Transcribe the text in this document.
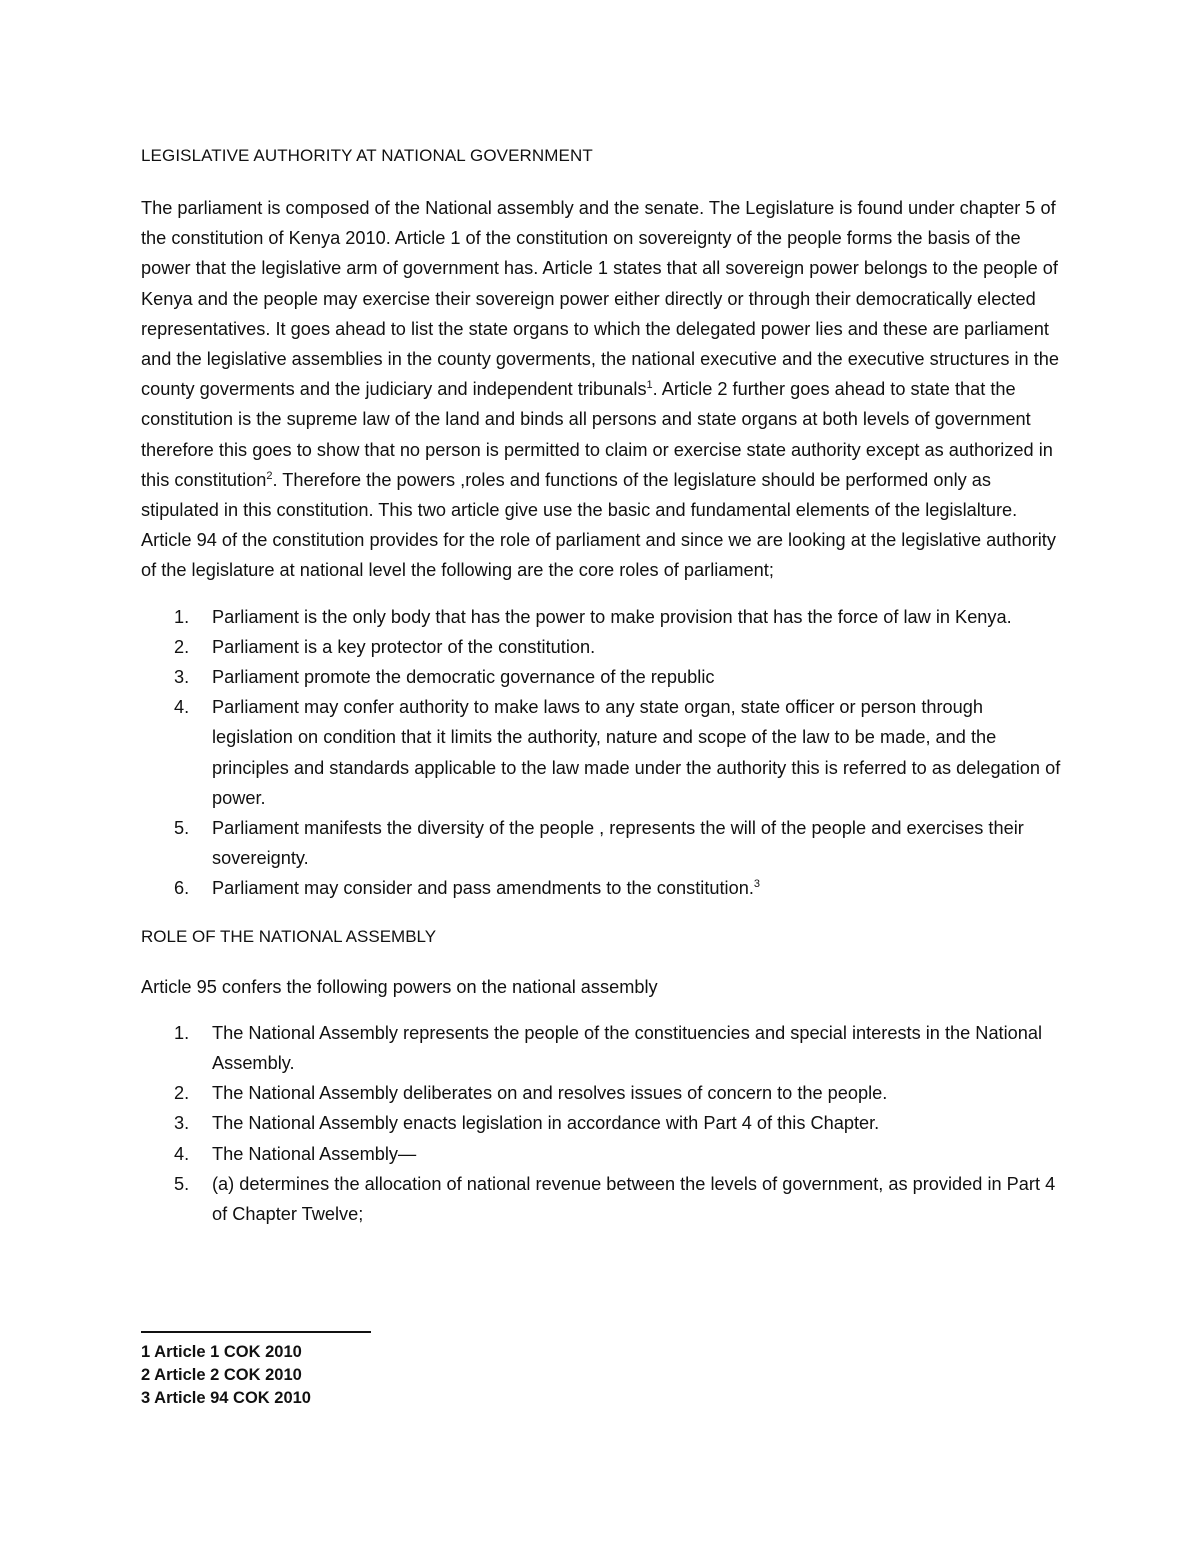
LEGISLATIVE AUTHORITY AT NATIONAL GOVERNMENT

The parliament is composed of the National assembly and the senate. The Legislature is found under chapter 5 of the constitution of Kenya 2010. Article 1 of the constitution on sovereignty of the people forms the basis of the power that the legislative arm of government has. Article 1 states that all sovereign power belongs to the people of Kenya and the people may exercise their sovereign power either directly or through their democratically elected representatives. It goes ahead to list the state organs to which the delegated power lies and these are parliament and the legislative assemblies in the county goverments, the national executive and the executive structures in the county goverments and the judiciary and independent tribunals$^1$. Article 2 further goes ahead to state that the constitution is the supreme law of the land and binds all persons and state organs at both levels of government therefore this goes to show that no person is permitted to claim or exercise state authority except as authorized in this constitution$^2$. Therefore the powers ,roles and functions of the legislature should be performed only as stipulated in this constitution. This two article give use the basic and fundamental elements of the legislalture. Article 94 of the constitution provides for the role of parliament and since we are looking at the legislative authority of the legislature at national level the following are the core roles of parliament;

1. Parliament is the only body that has the power to make provision that has the force of law in Kenya.
2. Parliament is a key protector of the constitution.
3. Parliament promote the democratic governance of the republic
4. Parliament may confer authority to make laws to any state organ, state officer or person through legislation on condition that it limits the authority, nature and scope of the law to be made, and the principles and standards applicable to the law made under the authority this is referred to as delegation of power.
5. Parliament manifests the diversity of the people , represents the will of the people and exercises their sovereignty.
6. Parliament may consider and pass amendments to the constitution.$^3$
ROLE OF THE NATIONAL ASSEMBLY

Article 95 confers the following powers on the national assembly

1. The National Assembly represents the people of the constituencies and special interests in the National Assembly.
2. The National Assembly deliberates on and resolves issues of concern to the people.
3. The National Assembly enacts legislation in accordance with Part 4 of this Chapter.
4. The National Assembly—
5. (a) determines the allocation of national revenue between the levels of government, as provided in Part 4 of Chapter Twelve;
1 Article 1 COK 2010
2 Article 2 COK 2010
3 Article 94 COK 2010
